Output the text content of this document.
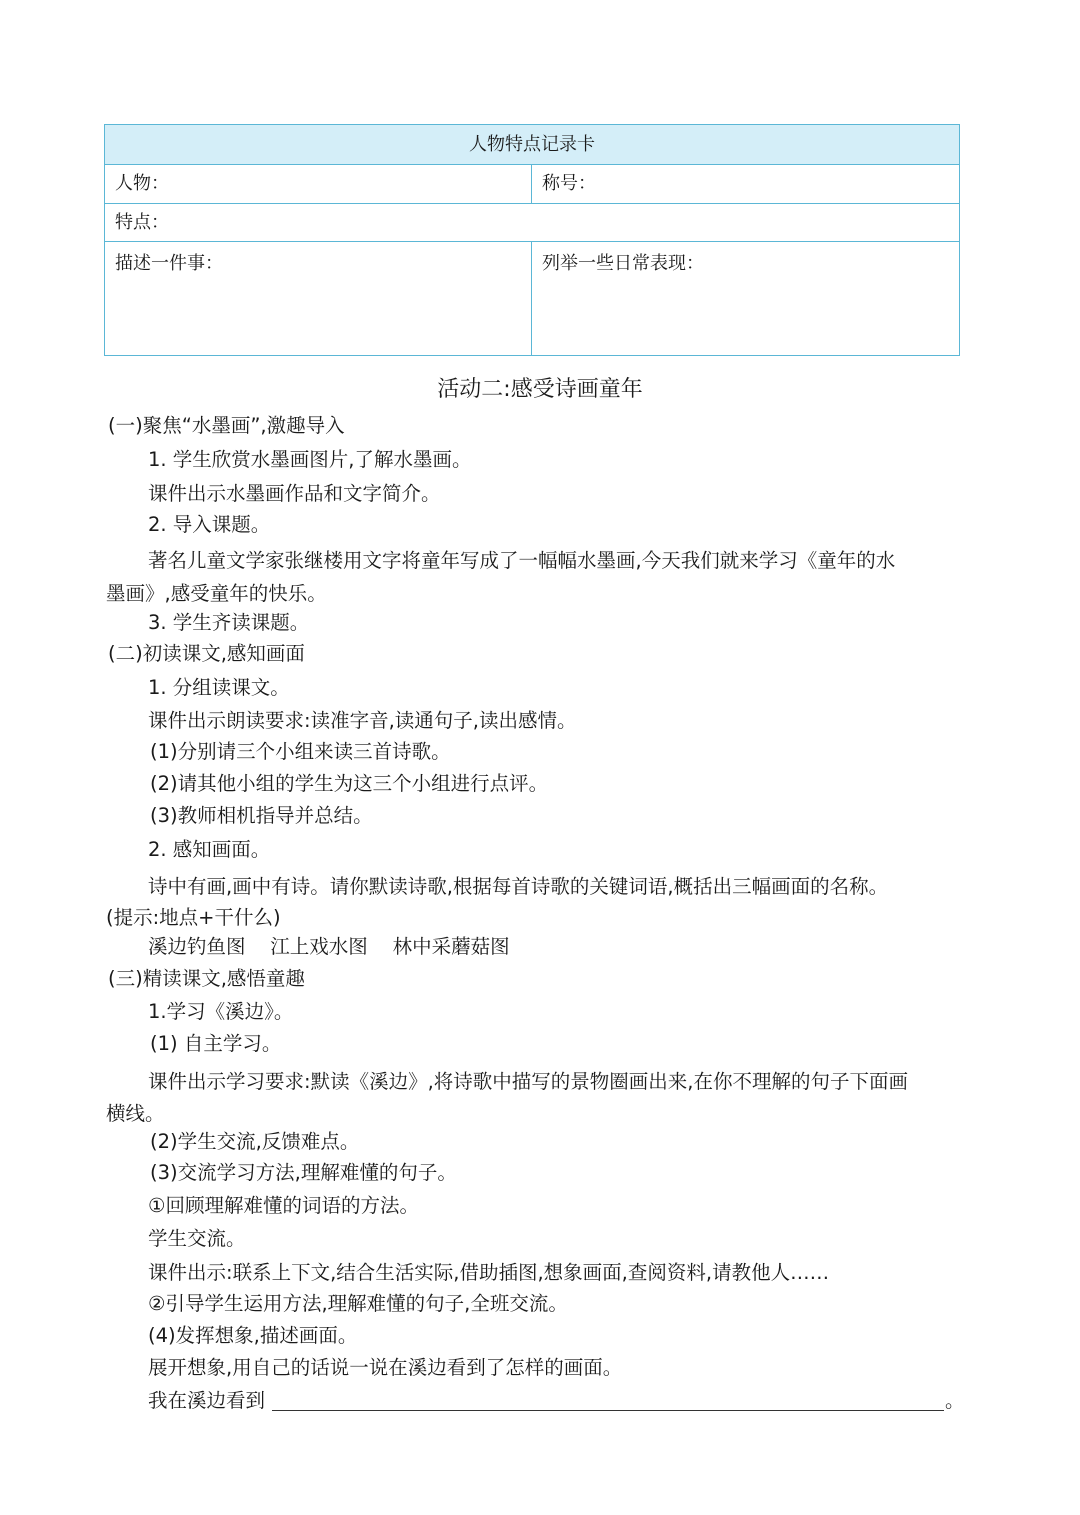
人物特点记录卡
人物：	称号：
特点：
描述一件事：	列举一些日常表现：
活动二:感受诗画童年
(一)聚焦“水墨画”,激趣导入
1. 学生欣赏水墨画图片,了解水墨画。
课件出示水墨画作品和文字简介。
2. 导入课题。
著名儿童文学家张继楼用文字将童年写成了一幅幅水墨画,今天我们就来学习《童年的水
墨画》,感受童年的快乐。
3. 学生齐读课题。
(二)初读课文,感知画面
1. 分组读课文。
课件出示朗读要求:读准字音,读通句子,读出感情。
(1)分别请三个小组来读三首诗歌。
(2)请其他小组的学生为这三个小组进行点评。
(3)教师相机指导并总结。
2. 感知画面。
诗中有画,画中有诗。请你默读诗歌,根据每首诗歌的关键词语,概括出三幅画面的名称。
(提示:地点+干什么)
溪边钓鱼图    江上戏水图    林中采蘑菇图
(三)精读课文,感悟童趣
1.学习《溪边》。
(1) 自主学习。
课件出示学习要求:默读《溪边》,将诗歌中描写的景物圈画出来,在你不理解的句子下面画
横线。
(2)学生交流,反馈难点。
(3)交流学习方法,理解难懂的句子。
①回顾理解难懂的词语的方法。
学生交流。
课件出示:联系上下文,结合生活实际,借助插图,想象画面,查阅资料,请教他人……
②引导学生运用方法,理解难懂的句子,全班交流。
(4)发挥想象,描述画面。
展开想象,用自己的话说一说在溪边看到了怎样的画面。
我在溪边看到	。
